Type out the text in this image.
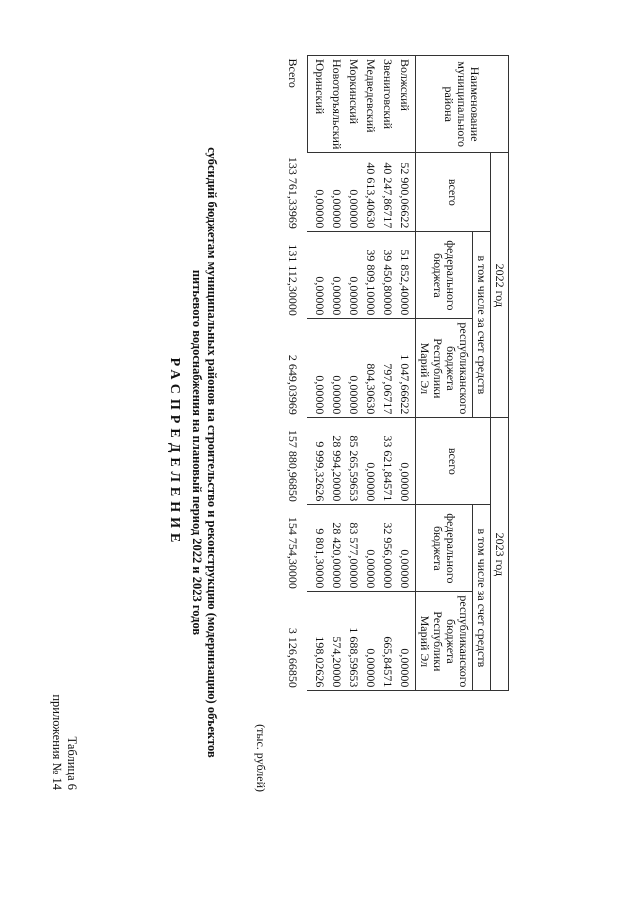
Таблица 6
приложения № 14
РАСПРЕДЕЛЕНИЕ субсидий бюджетам муниципальных районов на строительство и реконструкцию (модернизацию) объектов
питьевого водоснабжения на плановый период 2022 и 2023 годов
(тыс. рублей)
Наименование муниципального района	2022 год			2023 год		
	всего	в том числе за счет средств		всего	в том числе за счет средств	
		федерального бюджета	республиканского бюджета Республики Марий Эл		федерального бюджета	республиканского бюджета Республики Марий Эл
Волжский	52 900,06622	51 852,40000	1 047,66622	0,00000	0,00000	0,00000
Звениговский	40 247,86717	39 450,80000	797,06717	33 621,84571	32 956,00000	665,84571
Медведевский	40 613,40630	39 809,10000	804,30630	0,00000	0,00000	0,00000
Моркинский	0,00000	0,00000	0,00000	85 265,59653	83 577,00000	1 688,59653
Новоторъяльский	0,00000	0,00000	0,00000	28 994,20000	28 420,00000	574,20000
Юринский	0,00000	0,00000	0,00000	9 999,32626	9 801,30000	198,02626
Всего	133 761,33969	131 112,30000	2 649,03969	157 880,96850	154 754,30000	3 126,66850
